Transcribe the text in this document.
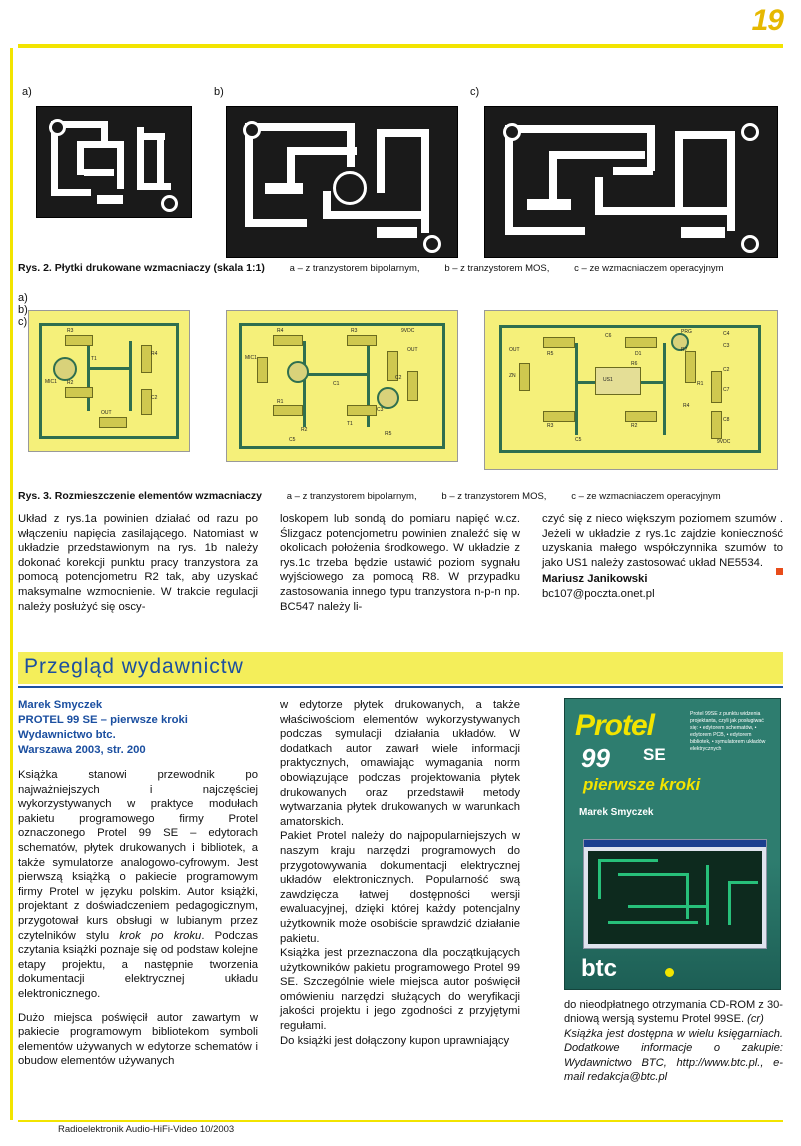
19
a)	b)	c)
Rys. 2. Płytki drukowane wzmacniaczy (skala 1:1)	a – z tranzystorem bipolarnym,	b – z tranzystorem MOS,	c – ze wzmacniaczem operacyjnym
a)
R3
R2
T1
R4
C2
OUT
MIC1
b)
R4	R3	9VDC
OUT
MIC1
C2
C3
C1
R1
T1
R2
C5
R5
c)
C4
C3
C6
PRG
OUT
R5	D1
R7
R6
C2
ZN
US1
R1
C7
R4
R3	R2
C8
C5	9VDC
Rys. 3. Rozmieszczenie elementów wzmacniaczy	a – z tranzystorem bipolarnym,	b – z tranzystorem MOS,	c – ze wzmacniaczem operacyjnym
Układ z rys.1a powinien działać od razu po włączeniu napięcia zasilającego. Natomiast w układzie przedstawionym na rys. 1b należy dokonać korekcji punktu pracy tranzystora za pomocą potencjometru R2 tak, aby uzyskać maksymalne wzmocnienie. W trakcie regulacji należy posłużyć się oscy-
loskopem lub sondą do pomiaru napięć w.cz. Ślizgacz potencjometru powinien znaleźć się w okolicach położenia środkowego. W układzie z rys.1c trzeba będzie ustawić poziom sygnału wyjściowego za pomocą R8. W przypadku zastosowania innego typu tranzystora n-p-n np. BC547 należy li-
czyć się z nieco większym poziomem szumów . Jeżeli w układzie z rys.1c zajdzie konieczność uzyskania małego współczynnika szumów to jako US1 należy zastosować układ NE5534.
Mariusz Janikowski
bc107@poczta.onet.pl
Przegląd wydawnictw
Marek Smyczek
PROTEL 99 SE – pierwsze kroki
Wydawnictwo btc.
Warszawa 2003, str. 200

Książka stanowi przewodnik po najważniejszych i najczęściej wykorzystywanych w praktyce modułach pakietu programowego firmy Protel oznaczonego Protel 99 SE – edytorach schematów, płytek drukowanych i bibliotek, a także symulatorze analogowo-cyfrowym. Jest pierwszą książką o pakiecie programowym firmy Protel w języku polskim. Autor książki, projektant z doświadczeniem pedagogicznym, przygotował kurs obsługi w lubianym przez czytelników stylu krok po kroku. Podczas czytania książki poznaje się od podstaw kolejne etapy projektu, a następnie tworzenia dokumentacji elektrycznej układu elektronicznego.

Dużo miejsca poświęcił autor zawartym w pakiecie programowym bibliotekom symboli elementów używanych w edytorze schematów i obudow elementów używanych

w edytorze płytek drukowanych, a także właściwościom elementów wykorzystywanych podczas symulacji działania układów. W dodatkach autor zawarł wiele informacji praktycznych, omawiając wymagania norm obowiązujące podczas projektowania płytek drukowanych oraz przedstawił metody wytwarzania płytek drukowanych w warunkach amatorskich.

Pakiet Protel należy do najpopularniejszych w naszym kraju narzędzi programowych do przygotowywania dokumentacji elektrycznej układów elektronicznych. Popularność swą zawdzięcza łatwej dostępności wersji ewaluacyjnej, dzięki której każdy potencjalny użytkownik może osobiście sprawdzić działanie pakietu.

Książka jest przeznaczona dla początkujących użytkowników pakietu programowego Protel 99 SE. Szczególnie wiele miejsca autor poświęcił omówieniu narzędzi służących do weryfikacji jakości projektu i jego zgodności z przyjętymi regułami.

Do książki jest dołączony kupon uprawniający

Protel
99 SE
pierwsze kroki
Marek Smyczek
Protel 99SE z punktu widzenia projektanta, czyli jak posługiwać się: • edytorem schematów, • edytorem PCB, • edytorem bibliotek, • symulatorem układów elektrycznych
btc

do nieodpłatnego otrzymania CD-ROM z 30-dniową wersją systemu Protel 99SE. (cr)

Książka jest dostępna w wielu księgarniach. Dodatkowe informacje o zakupie: Wydawnictwo BTC, http://www.btc.pl., e-mail redakcja@btc.pl

Radioelektronik Audio-HiFi-Video 10/2003
